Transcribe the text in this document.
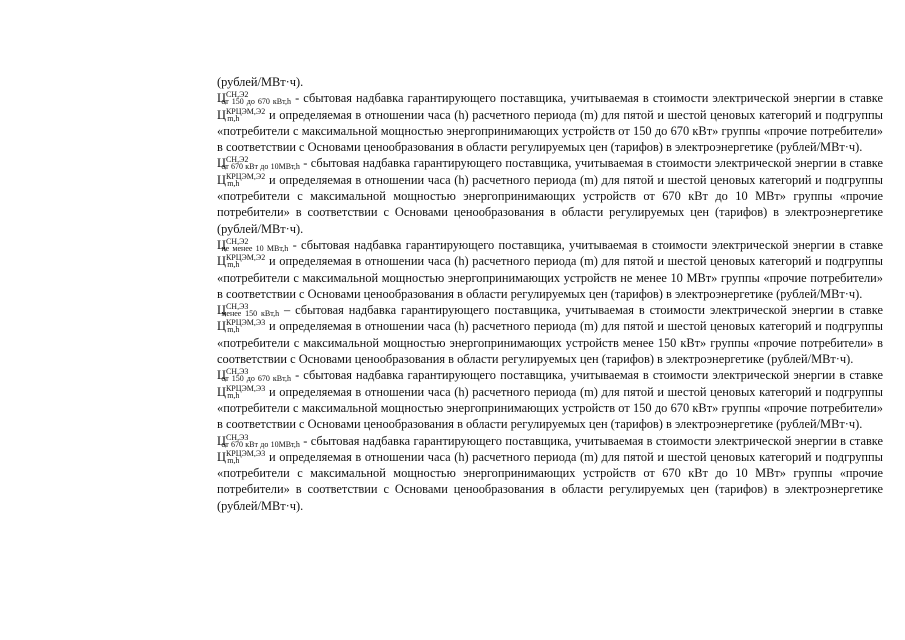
(рублей/МВт·ч).
$Ц^{СН,Э2}от$ 150 до 670 кВт,h - сбытовая надбавка гарантирующего поставщика, учитываемая в стоимости электрической энергии в ставке $Ц^{КРЦЭМ,Э2}m,h$ и определяемая в отношении часа (h) расчетного периода (m) для пятой и шестой ценовых категорий и подгруппы «потребители с максимальной мощностью энергопринимающих устройств от 150 до 670 кВт» группы «прочие потребители» в соответствии с Основами ценообразования в области регулируемых цен (тарифов) в электроэнергетике (рублей/МВт·ч).
$Ц^{СН,Э2}от$ 670 кВт до 10МВт,h - сбытовая надбавка гарантирующего поставщика, учитываемая в стоимости электрической энергии в ставке $Ц^{КРЦЭМ,Э2}m,h$ и определяемая в отношении часа (h) расчетного периода (m) для пятой и шестой ценовых категорий и подгруппы «потребители с максимальной мощностью энергопринимающих устройств от 670 кВт до 10 МВт» группы «прочие потребители» в соответствии с Основами ценообразования в области регулируемых цен (тарифов) в электроэнергетике (рублей/МВт·ч).
$Ц^{СН,Э2}не$ менее 10 МВт,h - сбытовая надбавка гарантирующего поставщика, учитываемая в стоимости электрической энергии в ставке $Ц^{КРЦЭМ,Э2}m,h$ и определяемая в отношении часа (h) расчетного периода (m) для пятой и шестой ценовых категорий и подгруппы «потребители с максимальной мощностью энергопринимающих устройств не менее 10 МВт» группы «прочие потребители» в соответствии с Основами ценообразования в области регулируемых цен (тарифов) в электроэнергетике (рублей/МВт·ч).
$Ц^{СН,Э3}менее$ 150 кВт,h – сбытовая надбавка гарантирующего поставщика, учитываемая в стоимости электрической энергии в ставке $Ц^{КРЦЭМ,Э3}m,h$ и определяемая в отношении часа (h) расчетного периода (m) для пятой и шестой ценовых категорий и подгруппы «потребители с максимальной мощностью энергопринимающих устройств менее 150 кВт» группы «прочие потребители» в соответствии с Основами ценообразования в области регулируемых цен (тарифов) в электроэнергетике (рублей/МВт·ч).
$Ц^{СН,Э3}от$ 150 до 670 кВт,h - сбытовая надбавка гарантирующего поставщика, учитываемая в стоимости электрической энергии в ставке $Ц^{КРЦЭМ,Э3}m,h$ и определяемая в отношении часа (h) расчетного периода (m) для пятой и шестой ценовых категорий и подгруппы «потребители с максимальной мощностью энергопринимающих устройств от 150 до 670 кВт» группы «прочие потребители» в соответствии с Основами ценообразования в области регулируемых цен (тарифов) в электроэнергетике (рублей/МВт·ч).
$Ц^{СН,Э3}от$ 670 кВт до 10МВт,h - сбытовая надбавка гарантирующего поставщика, учитываемая в стоимости электрической энергии в ставке $Ц^{КРЦЭМ,Э3}m,h$ и определяемая в отношении часа (h) расчетного периода (m) для пятой и шестой ценовых категорий и подгруппы «потребители с максимальной мощностью энергопринимающих устройств от 670 кВт до 10 МВт» группы «прочие потребители» в соответствии с Основами ценообразования в области регулируемых цен (тарифов) в электроэнергетике (рублей/МВт·ч).
